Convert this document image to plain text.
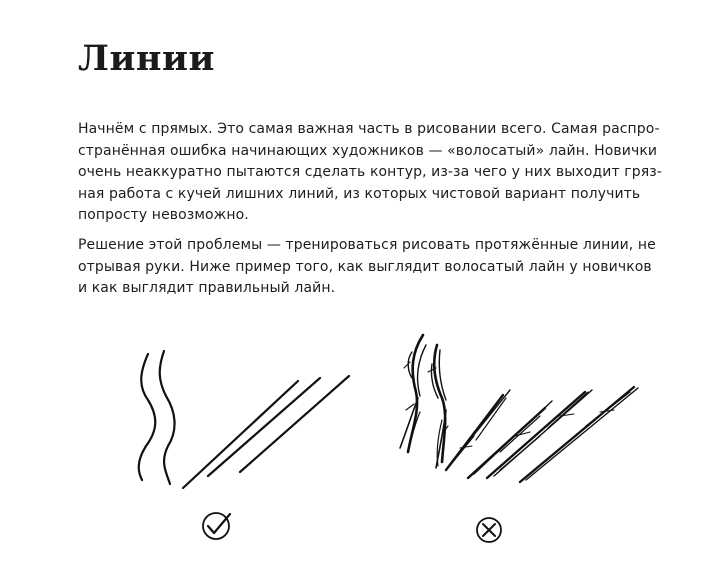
Линии

Начнём с прямых. Это самая важная часть в рисовании всего. Самая распро-
странённая ошибка начинающих художников — «волосатый» лайн. Новички
очень неаккуратно пытаются сделать контур, из-за чего у них выходит гряз-
ная работа с кучей лишних линий, из которых чистовой вариант получить
попросту невозможно.

Решение этой проблемы — тренироваться рисовать протяжённые линии, не
отрывая руки. Ниже пример того, как выглядит волосатый лайн у новичков
и как выглядит правильный лайн.
